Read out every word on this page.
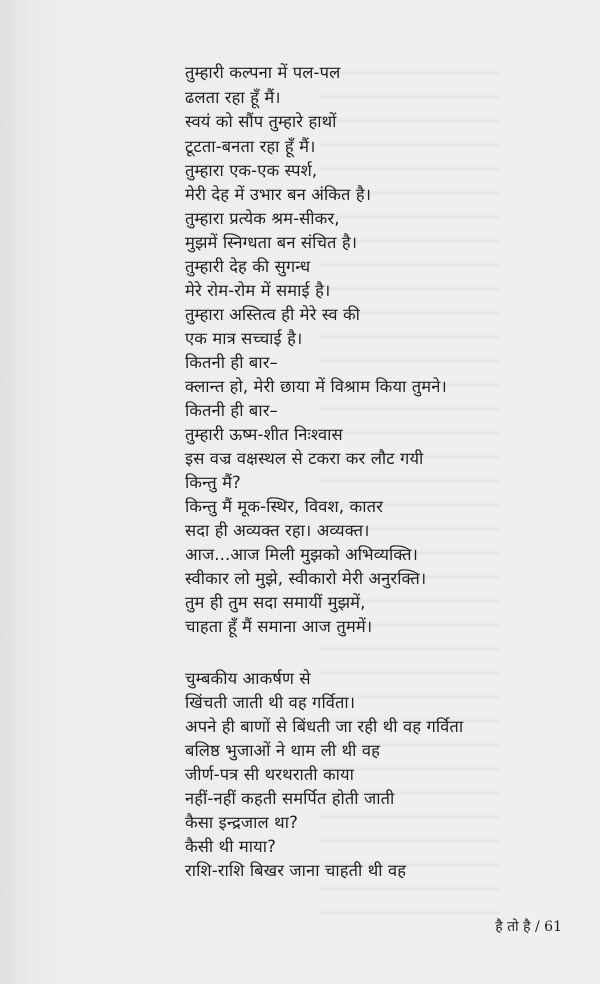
तुम्हारी कल्पना में पल-पल
ढलता रहा हूँ मैं।
स्वयं को सौंप तुम्हारे हाथों
टूटता-बनता रहा हूँ मैं।
तुम्हारा एक-एक स्पर्श,
मेरी देह में उभार बन अंकित है।
तुम्हारा प्रत्येक श्रम-सीकर,
मुझमें स्निग्धता बन संचित है।
तुम्हारी देह की सुगन्ध
मेरे रोम-रोम में समाई है।
तुम्हारा अस्तित्व ही मेरे स्व की
एक मात्र सच्चाई है।
कितनी ही बार–
क्लान्त हो, मेरी छाया में विश्राम किया तुमने।
कितनी ही बार–
तुम्हारी ऊष्म-शीत निःश्वास
इस वज्र वक्षस्थल से टकरा कर लौट गयी
किन्तु मैं?
किन्तु मैं मूक-स्थिर, विवश, कातर
सदा ही अव्यक्त रहा। अव्यक्त।
आज...आज मिली मुझको अभिव्यक्ति।
स्वीकार लो मुझे, स्वीकारो मेरी अनुरक्ति।
तुम ही तुम सदा समायीं मुझमें,
चाहता हूँ मैं समाना आज तुममें।
चुम्बकीय आकर्षण से
खिंचती जाती थी वह गर्विता।
अपने ही बाणों से बिंधती जा रही थी वह गर्विता
बलिष्ठ भुजाओं ने थाम ली थी वह
जीर्ण-पत्र सी थरथराती काया
नहीं-नहीं कहती समर्पित होती जाती
कैसा इन्द्रजाल था?
कैसी थी माया?
राशि-राशि बिखर जाना चाहती थी वह
है तो है / 61
